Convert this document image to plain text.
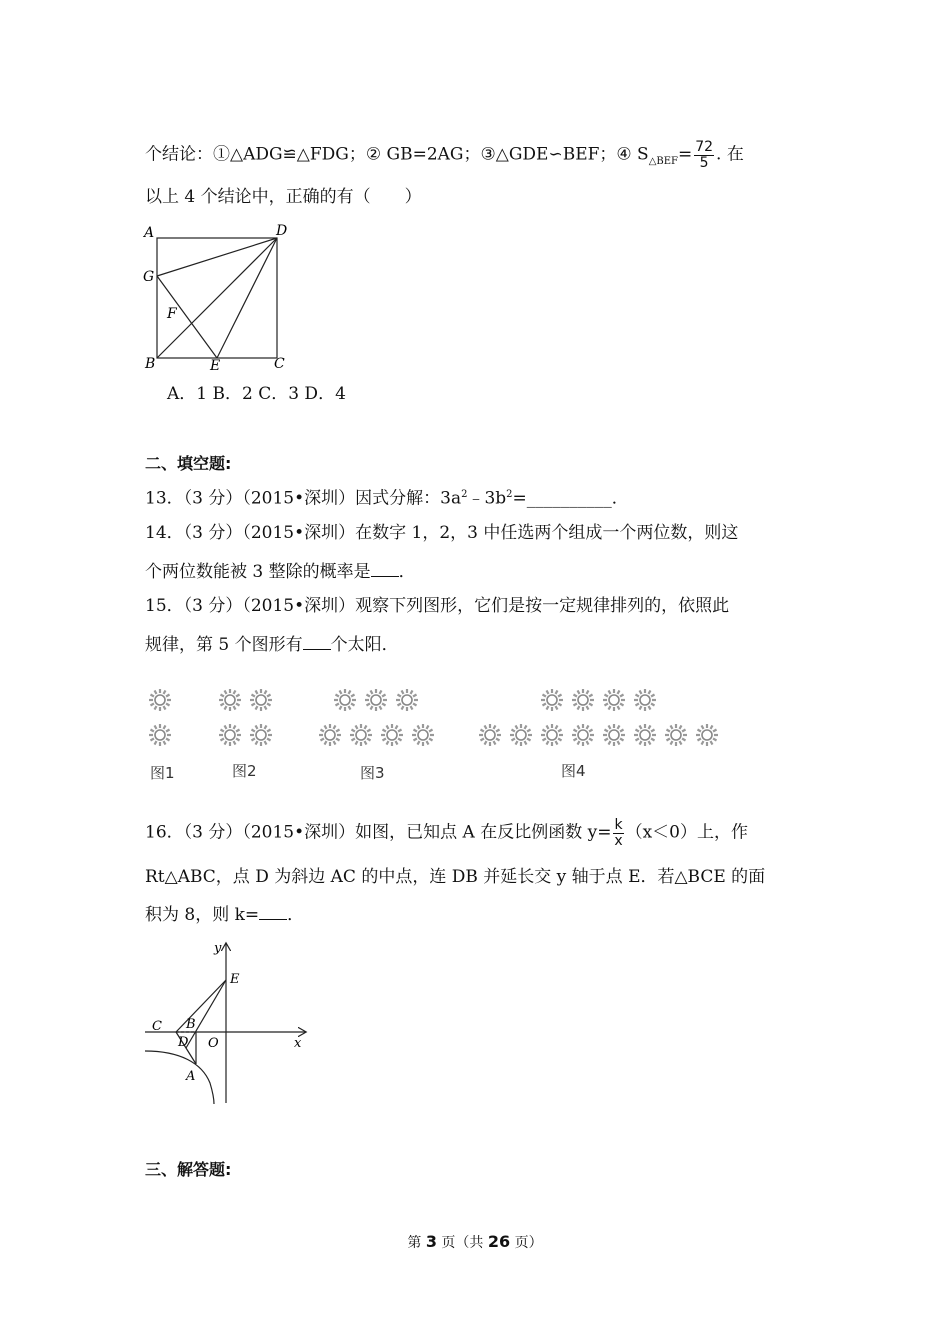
个结论：①△ADG≌△FDG；② GB=2AG；③△GDE∽BEF；④ $S_{\triangle BEF}= \frac{72}{5}$ . 在
以上 4 个结论中，正确的有（　　）
A	D
G
F
B	E	C
A．1 B．2 C．3 D．4
二、填空题:
13．（3 分）（2015•深圳）因式分解：$3a^2﹣3b^2=\_\_\_\_\_\_\_\_\_\_$．
14．（3 分）（2015•深圳）在数字 1，2，3 中任选两个组成一个两位数，则这
个两位数能被 3 整除的概率是 ．
15．（3 分）（2015•深圳）观察下列图形，它们是按一定规律排列的，依照此
规律，第 5 个图形有 个太阳．
图1	图2	图3	图4
16．（3 分）（2015•深圳）如图，已知点 A 在反比例函数 $y= \frac{k}{x} (x<0)$上，作
Rt△ABC，点 D 为斜边 AC 的中点，连 DB 并延长交 y 轴于点 E．若△BCE 的面
积为 8，则 k= ．
y
E
C B
D O	x
A
三、解答题:
第 3 页（共 26 页）
